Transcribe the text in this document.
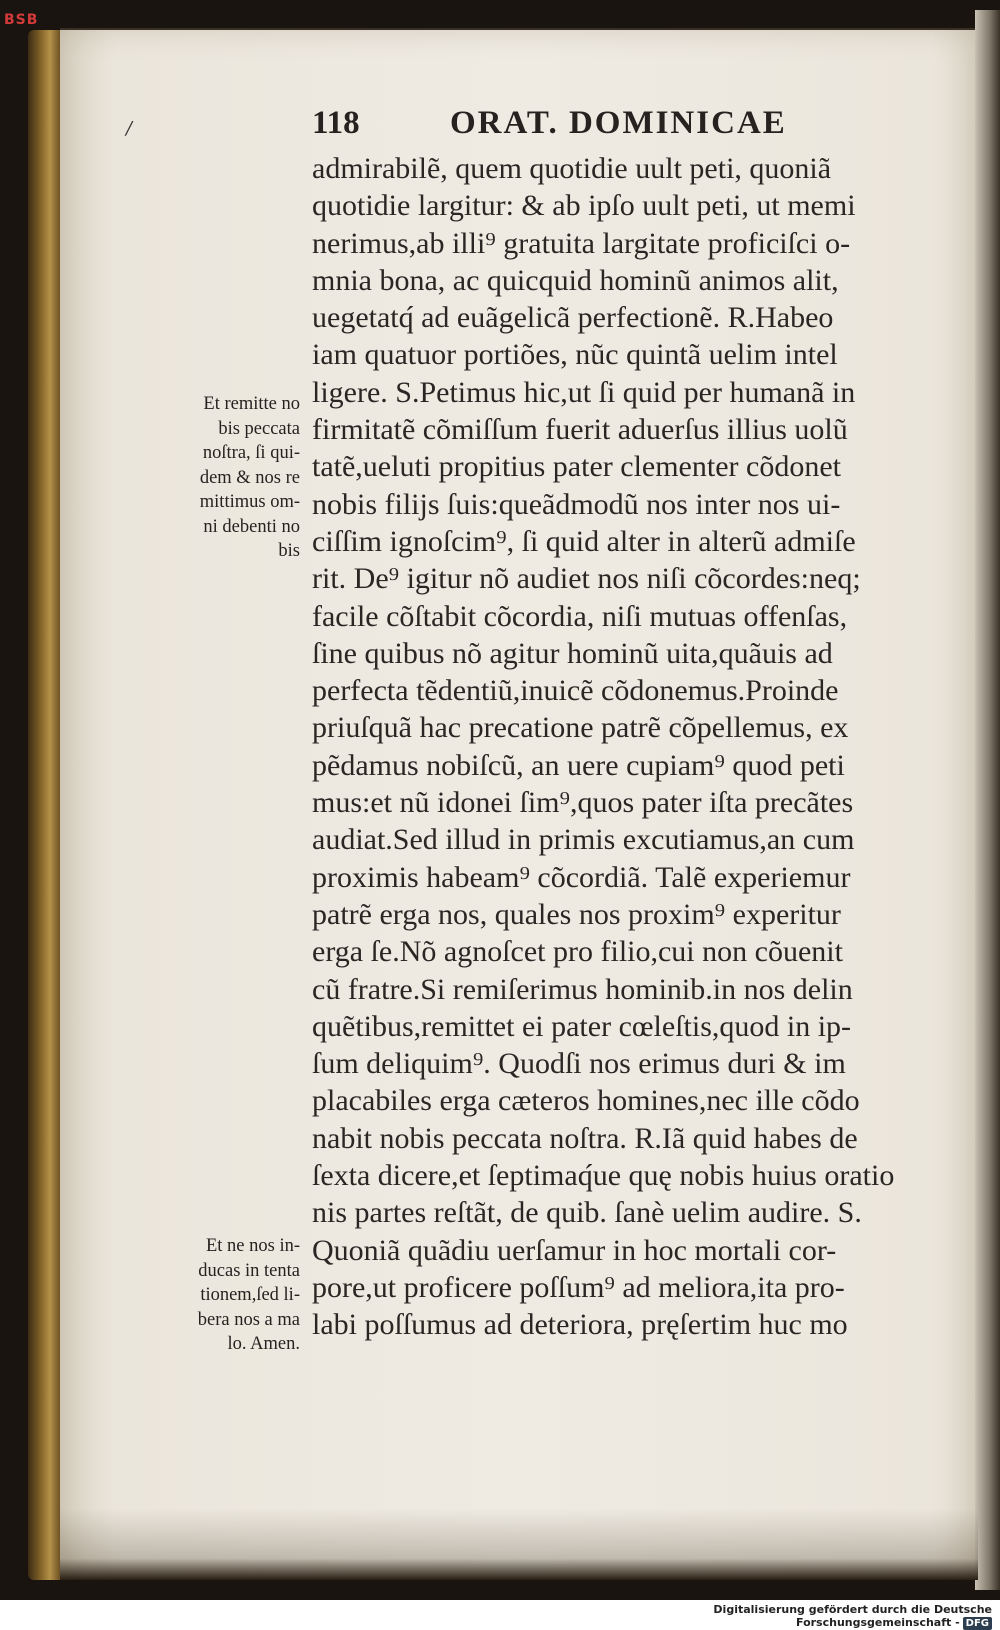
BSB
/	118	ORAT. DOMINICAE
admirabilẽ, quem quotidie uult peti, quoniã
quotidie largitur: & ab ipſo uult peti, ut memi
nerimus,ab illi⁹ gratuita largitate proficiſci o-
mnia bona, ac quicquid hominũ animos alit,
uegetatq́ ad euãgelicã perfectionẽ. R.Habeo
iam quatuor portiões, nũc quintã uelim intel
ligere. S.Petimus hic,ut ſi quid per humanã in
firmitatẽ cõmiſſum fuerit aduerſus illius uolũ
tatẽ,ueluti propitius pater clementer cõdonet
nobis filijs ſuis:queãdmodũ nos inter nos ui-
ciſſim ignoſcim⁹, ſi quid alter in alterũ admiſe
rit. De⁹ igitur nõ audiet nos niſi cõcordes:neq;
facile cõſtabit cõcordia, niſi mutuas offenſas,
ſine quibus nõ agitur hominũ uita,quãuis ad
perfecta tẽdentiũ,inuicẽ cõdonemus.Proinde
priuſquã hac precatione patrẽ cõpellemus, ex
pẽdamus nobiſcũ, an uere cupiam⁹ quod peti
mus:et nũ idonei ſim⁹,quos pater iſta precãtes
audiat.Sed illud in primis excutiamus,an cum
proximis habeam⁹ cõcordiã. Talẽ experiemur
patrẽ erga nos, quales nos proxim⁹ experitur
erga ſe.Nõ agnoſcet pro filio,cui non cõuenit
cũ fratre.Si remiſerimus hominib.in nos delin
quẽtibus,remittet ei pater cœleſtis,quod in ip-
ſum deliquim⁹. Quodſi nos erimus duri & im
placabiles erga cæteros homines,nec ille cõdo
nabit nobis peccata noſtra. R.Iã quid habes de
ſexta dicere,et ſeptimaq́ue quę nobis huius oratio
nis partes reſtãt, de quib. ſanè uelim audire. S.
Quoniã quãdiu uerſamur in hoc mortali cor-
pore,ut proficere poſſum⁹ ad meliora,ita pro-
labi poſſumus ad deteriora, pręſertim huc mo
Et remitte no
bis peccata
noſtra, ſi qui-
dem & nos re
mittimus om-
ni debenti no
bis
Et ne nos in-
ducas in tenta
tionem,ſed li-
bera nos a ma
lo. Amen.
Digitalisierung gefördert durch die Deutsche Forschungsgemeinschaft - DFG
